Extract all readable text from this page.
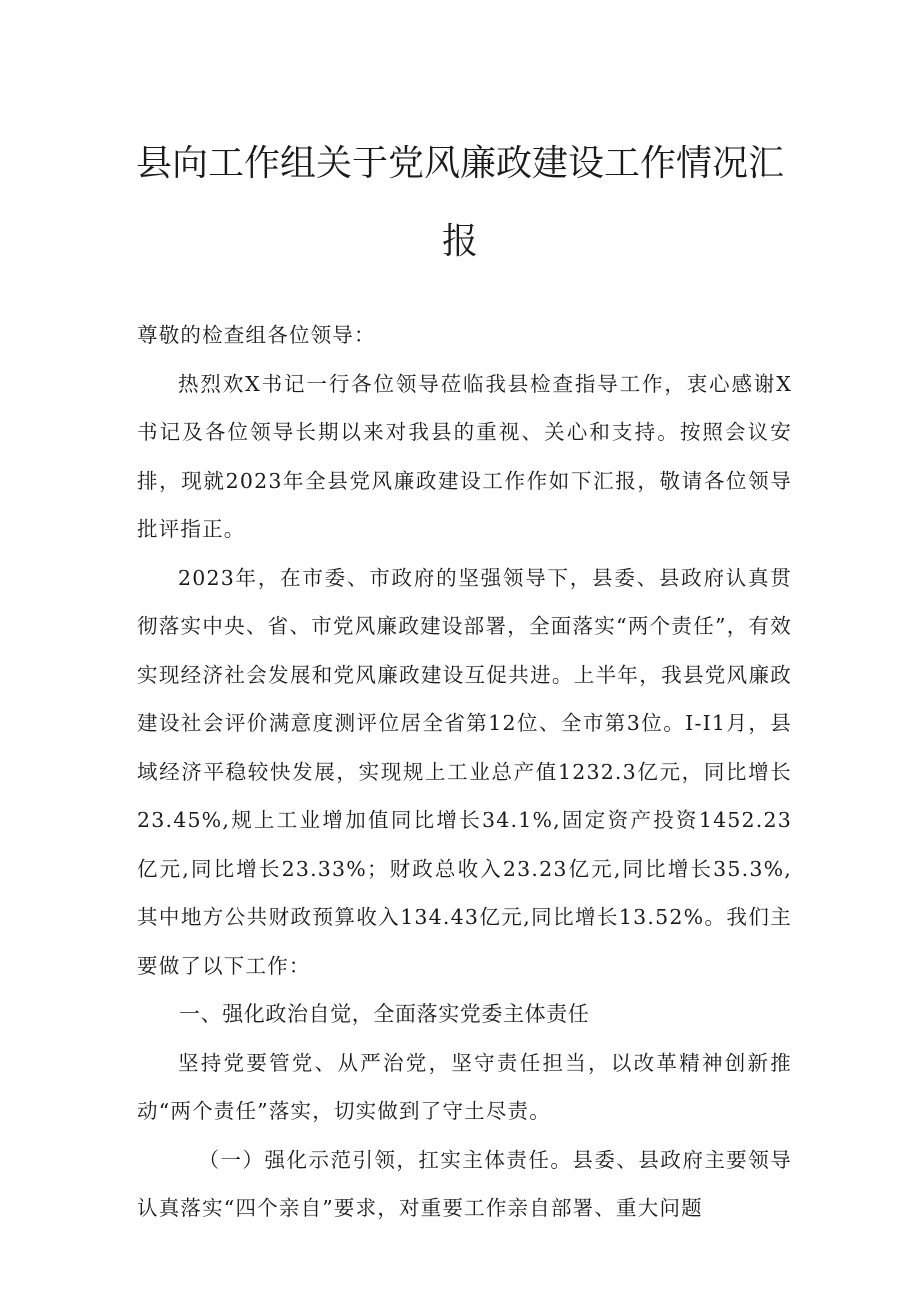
县向工作组关于党风廉政建设工作情况汇
报

尊敬的检查组各位领导：

热烈欢X书记一行各位领导莅临我县检查指导工作，衷心感谢X书记及各位领导长期以来对我县的重视、关心和支持。按照会议安排，现就2023年全县党风廉政建设工作作如下汇报，敬请各位领导批评指正。

2023年，在市委、市政府的坚强领导下，县委、县政府认真贯彻落实中央、省、市党风廉政建设部署，全面落实“两个责任”，有效实现经济社会发展和党风廉政建设互促共进。上半年，我县党风廉政建设社会评价满意度测评位居全省第12位、全市第3位。I-I1月，县域经济平稳较快发展，实现规上工业总产值1232.3亿元，同比增长23.45%,规上工业增加值同比增长34.1%,固定资产投资1452.23亿元,同比增长23.33%；财政总收入23.23亿元,同比增长35.3%,其中地方公共财政预算收入134.43亿元,同比增长13.52%。我们主要做了以下工作：

一、强化政治自觉，全面落实党委主体责任

坚持党要管党、从严治党，坚守责任担当，以改革精神创新推动“两个责任”落实，切实做到了守土尽责。

（一）强化示范引领，扛实主体责任。县委、县政府主要领导认真落实“四个亲自”要求，对重要工作亲自部署、重大问题
